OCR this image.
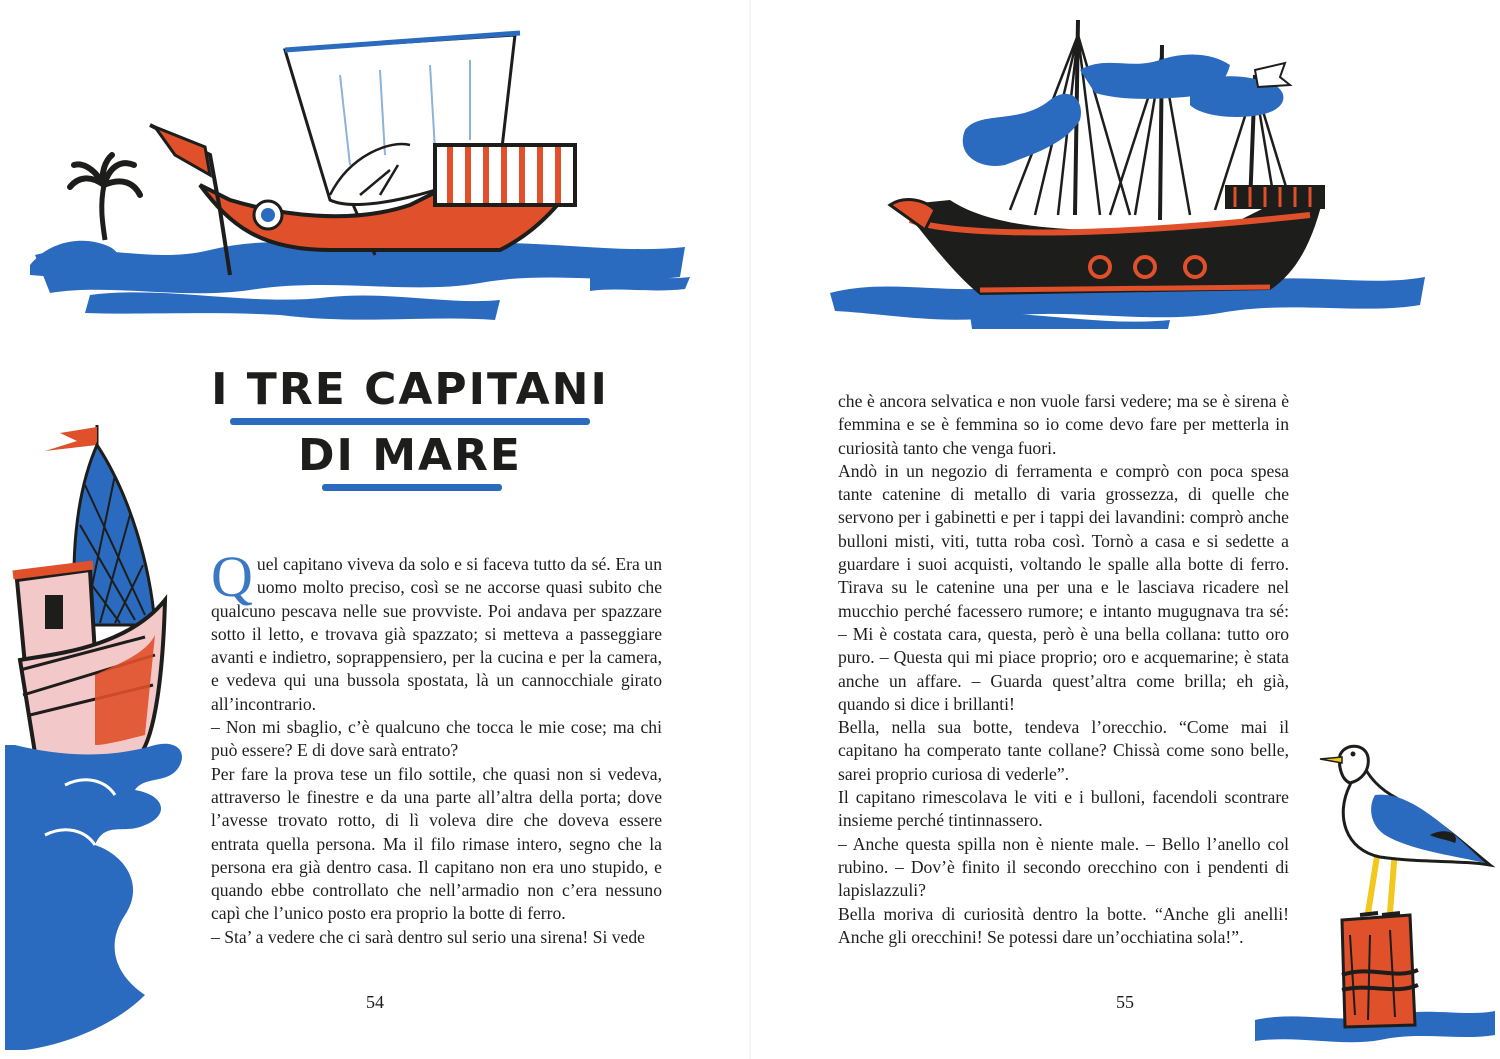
I TRE CAPITANI
DI MARE

Quel capitano viveva da solo e si faceva tutto da sé. Era un uomo molto preciso, così se ne accorse quasi subito che qualcuno pescava nelle sue provviste. Poi andava per spazzare sotto il letto, e trovava già spazzato; si metteva a passeggiare avanti e indietro, soprappensiero, per la cucina e per la camera, e vedeva qui una bussola spostata, là un cannocchiale girato all’incontrario.

– Non mi sbaglio, c’è qualcuno che tocca le mie cose; ma chi può essere? E di dove sarà entrato?

Per fare la prova tese un filo sottile, che quasi non si vedeva, attraverso le finestre e da una parte all’altra della porta; dove l’avesse trovato rotto, di lì voleva dire che doveva essere entrata quella persona. Ma il filo rimase intero, segno che la persona era già dentro casa. Il capitano non era uno stupido, e quando ebbe controllato che nell’armadio non c’era nessuno capì che l’unico posto era proprio la botte di ferro.

– Sta’ a vedere che ci sarà dentro sul serio una sirena! Si vede

54

che è ancora selvatica e non vuole farsi vedere; ma se è sirena è femmina e se è femmina so io come devo fare per metterla in curiosità tanto che venga fuori.

Andò in un negozio di ferramenta e comprò con poca spesa tante catenine di metallo di varia grossezza, di quelle che servono per i gabinetti e per i tappi dei lavandini: comprò anche bulloni misti, viti, tutta roba così. Tornò a casa e si sedette a guardare i suoi acquisti, voltando le spalle alla botte di ferro. Tirava su le catenine una per una e le lasciava ricadere nel mucchio perché facessero rumore; e intanto mugugnava tra sé: – Mi è costata cara, questa, però è una bella collana: tutto oro puro. – Questa qui mi piace proprio; oro e acquemarine; è stata anche un affare. – Guarda quest’altra come brilla; eh già, quando si dice i brillanti!

Bella, nella sua botte, tendeva l’orecchio. “Come mai il capitano ha comperato tante collane? Chissà come sono belle, sarei proprio curiosa di vederle”.

Il capitano rimescolava le viti e i bulloni, facendoli scontrare insieme perché tintinnassero.

– Anche questa spilla non è niente male. – Bello l’anello col rubino. – Dov’è finito il secondo orecchino con i pendenti di lapislazzuli?

Bella moriva di curiosità dentro la botte. “Anche gli anelli! Anche gli orecchini! Se potessi dare un’occhiatina sola!”.

55
